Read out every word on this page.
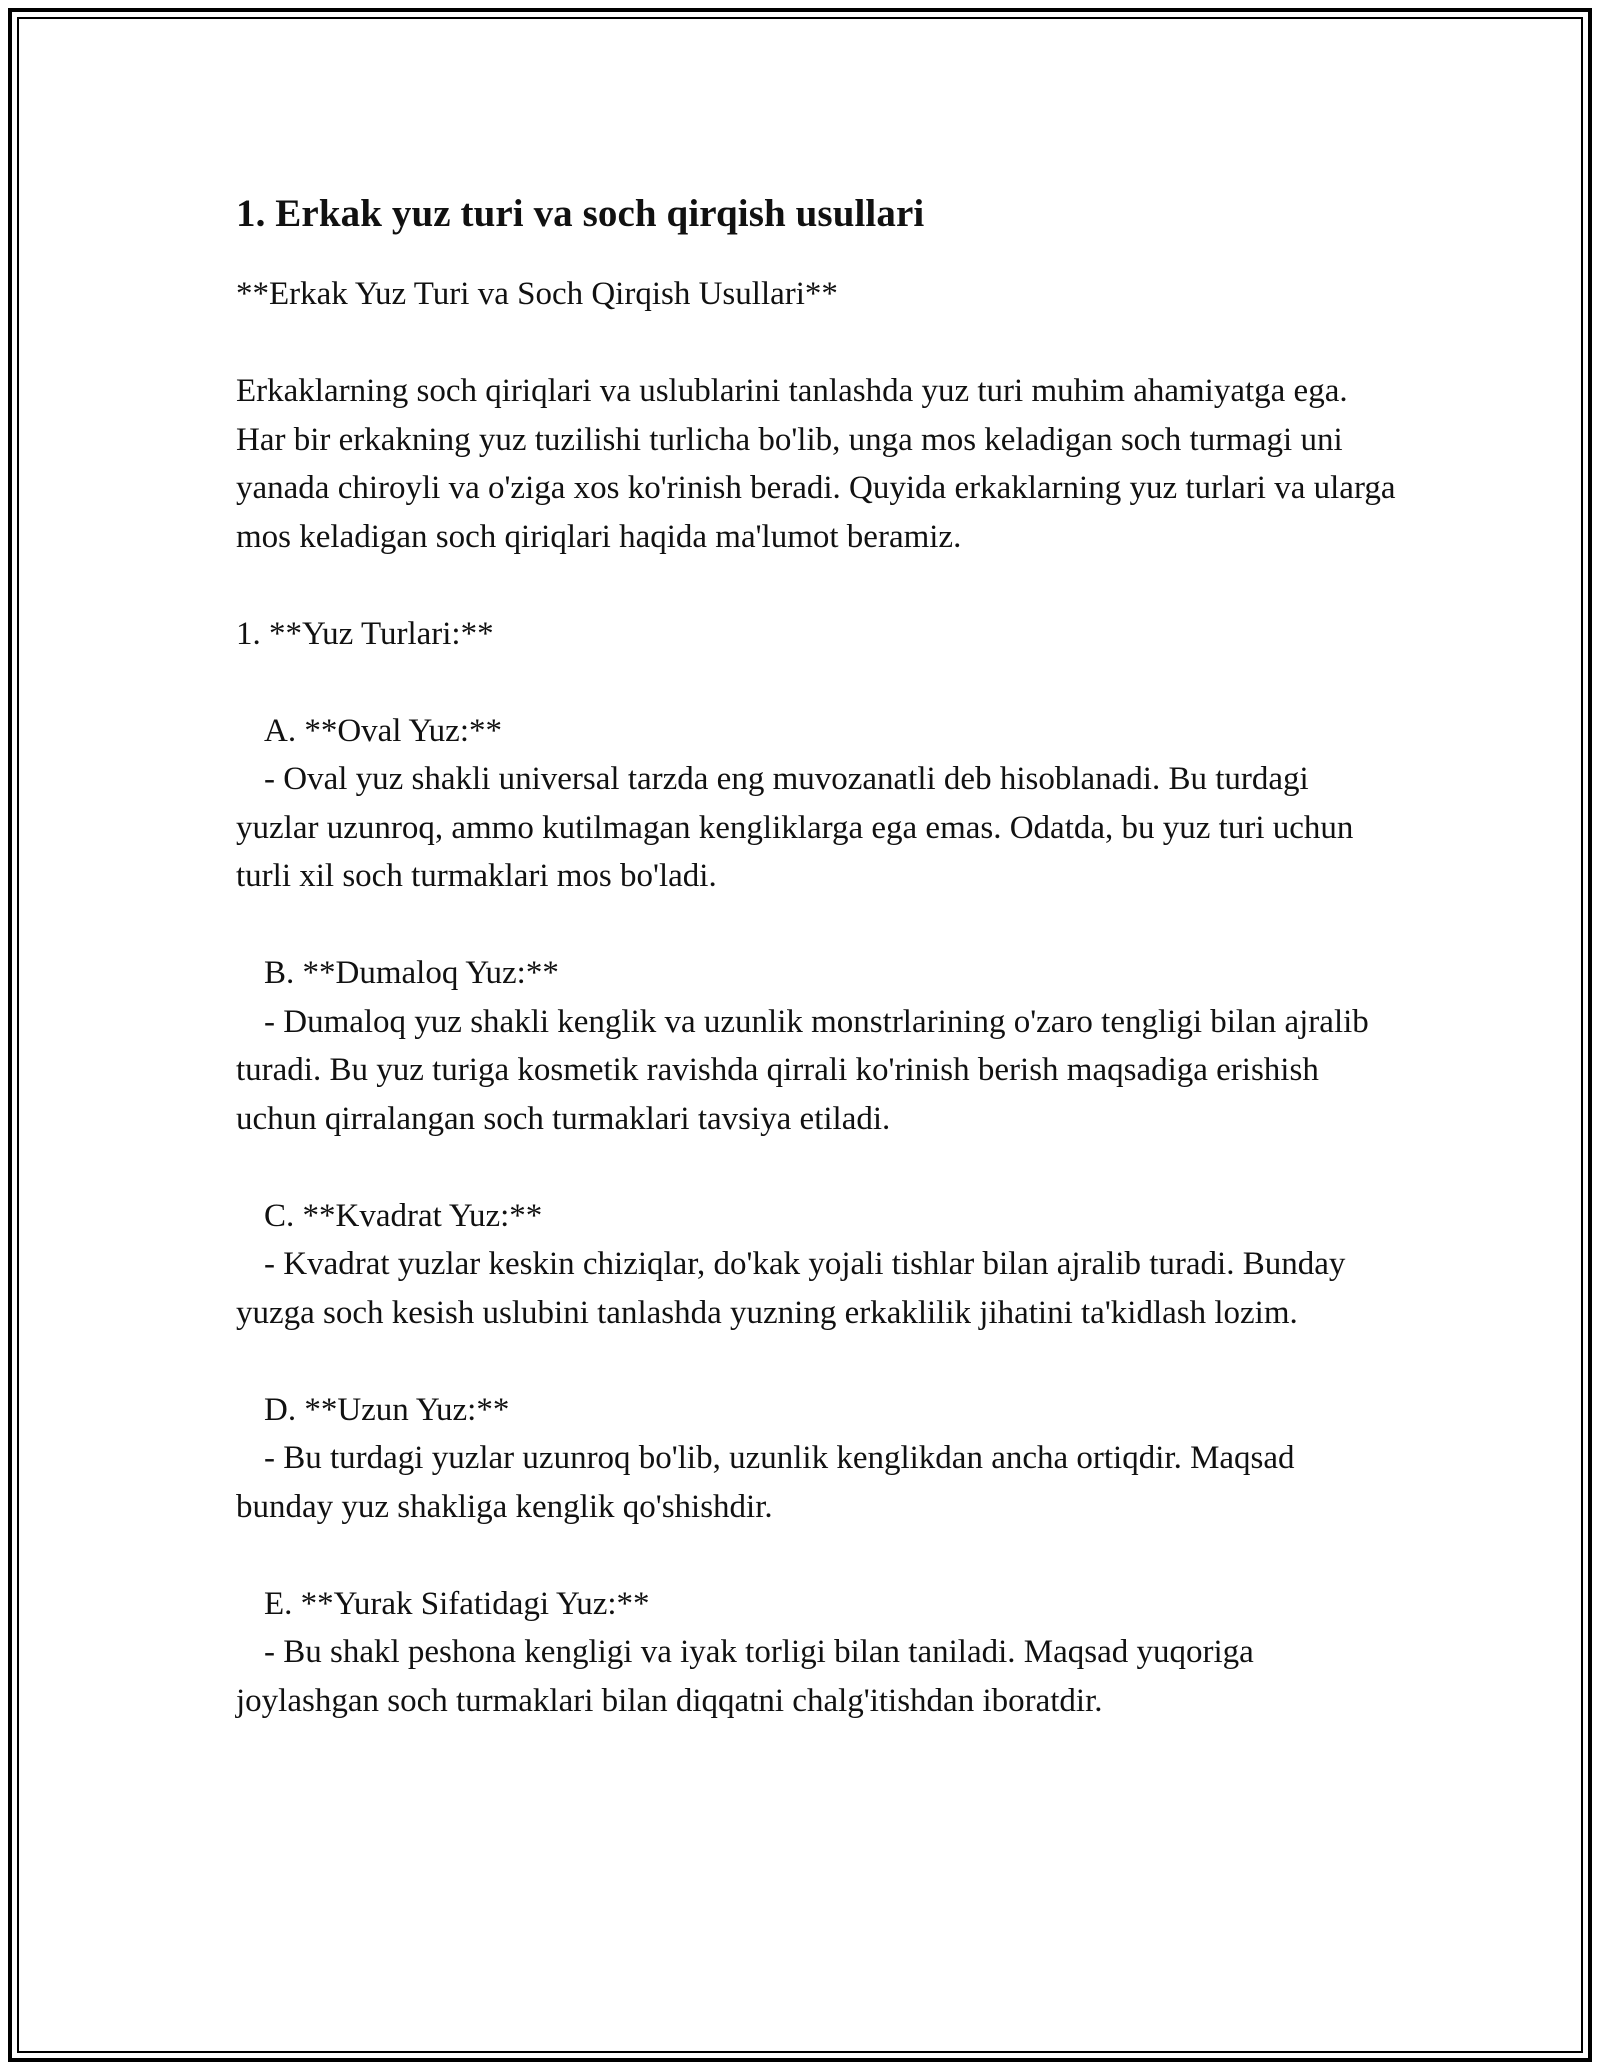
1. Erkak yuz turi va soch qirqish usullari

**Erkak Yuz Turi va Soch Qirqish Usullari**

Erkaklarning soch qiriqlari va uslublarini tanlashda yuz turi muhim ahamiyatga ega. Har bir erkakning yuz tuzilishi turlicha bo'lib, unga mos keladigan soch turmagi uni yanada chiroyli va o'ziga xos ko'rinish beradi. Quyida erkaklarning yuz turlari va ularga mos keladigan soch qiriqlari haqida ma'lumot beramiz.

1. **Yuz Turlari:**

A. **Oval Yuz:**

- Oval yuz shakli universal tarzda eng muvozanatli deb hisoblanadi. Bu turdagi yuzlar uzunroq, ammo kutilmagan kengliklarga ega emas. Odatda, bu yuz turi uchun turli xil soch turmaklari mos bo'ladi.

B. **Dumaloq Yuz:**

- Dumaloq yuz shakli kenglik va uzunlik monstrlarining o'zaro tengligi bilan ajralib turadi. Bu yuz turiga kosmetik ravishda qirrali ko'rinish berish maqsadiga erishish uchun qirralangan soch turmaklari tavsiya etiladi.

C. **Kvadrat Yuz:**

- Kvadrat yuzlar keskin chiziqlar, do'kak yojali tishlar bilan ajralib turadi. Bunday yuzga soch kesish uslubini tanlashda yuzning erkaklilik jihatini ta'kidlash lozim.

D. **Uzun Yuz:**

- Bu turdagi yuzlar uzunroq bo'lib, uzunlik kenglikdan ancha ortiqdir. Maqsad bunday yuz shakliga kenglik qo'shishdir.

E. **Yurak Sifatidagi Yuz:**

- Bu shakl peshona kengligi va iyak torligi bilan taniladi. Maqsad yuqoriga joylashgan soch turmaklari bilan diqqatni chalg'itishdan iboratdir.
